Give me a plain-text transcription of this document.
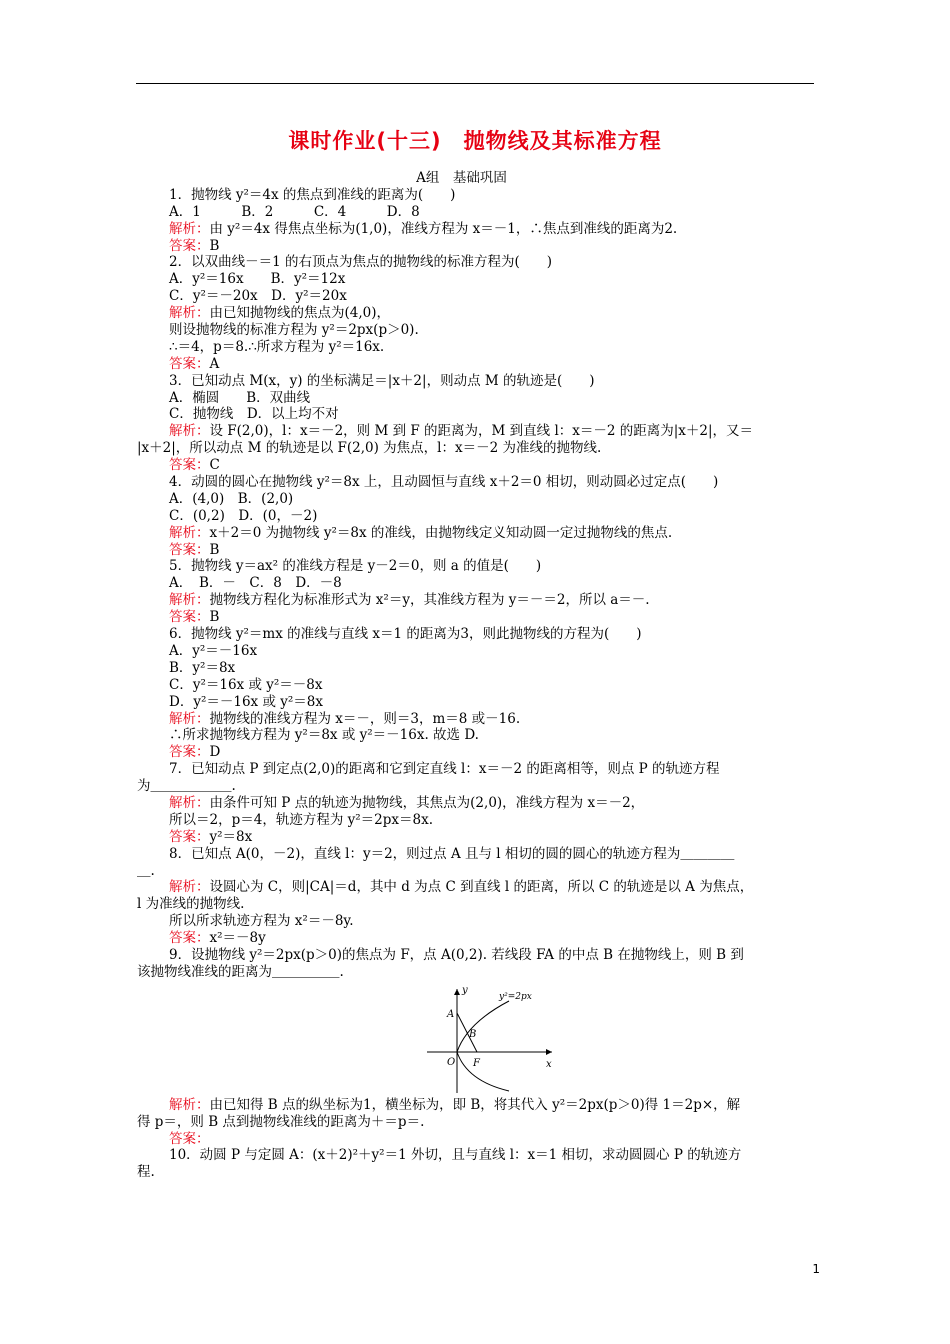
课时作业(十三)　抛物线及其标准方程
A组　基础巩固
1．抛物线 y²＝4x 的焦点到准线的距离为(　　)
A．1　　　B．2　　　C．4　　　D．8
解析：由 y²＝4x 得焦点坐标为(1,0)，准线方程为 x＝－1，∴焦点到准线的距离为2.
答案：B
2．以双曲线－＝1 的右顶点为焦点的抛物线的标准方程为(　　)
A．y²＝16x　　B．y²＝12x
C．y²＝－20x　D．y²＝20x
解析：由已知抛物线的焦点为(4,0)，
则设抛物线的标准方程为 y²＝2px(p＞0).
∴＝4，p＝8.∴所求方程为 y²＝16x.
答案：A
3．已知动点 M(x，y) 的坐标满足＝|x＋2|，则动点 M 的轨迹是(　　)
A．椭圆　　B．双曲线
C．抛物线　D．以上均不对
解析：设 F(2,0)，l：x＝－2，则 M 到 F 的距离为，M 到直线 l：x＝－2 的距离为|x＋2|，又＝
|x＋2|，所以动点 M 的轨迹是以 F(2,0) 为焦点，l：x＝－2 为准线的抛物线.
答案：C
4．动圆的圆心在抛物线 y²＝8x 上，且动圆恒与直线 x＋2＝0 相切，则动圆必过定点(　　)
A．(4,0)　B．(2,0)
C．(0,2)　D．(0，－2)
解析：x＋2＝0 为抛物线 y²＝8x 的准线，由抛物线定义知动圆一定过抛物线的焦点.
答案：B
5．抛物线 y＝ax² 的准线方程是 y－2＝0，则 a 的值是(　　)
A．　B．－　C．8　D．－8
解析：抛物线方程化为标准形式为 x²＝y，其准线方程为 y＝－＝2，所以 a＝－.
答案：B
6．抛物线 y²＝mx 的准线与直线 x＝1 的距离为3，则此抛物线的方程为(　　)
A．y²＝－16x
B．y²＝8x
C．y²＝16x 或 y²＝－8x
D．y²＝－16x 或 y²＝8x
解析：抛物线的准线方程为 x＝－，则＝3，m＝8 或－16.
∴所求抛物线方程为 y²＝8x 或 y²＝－16x. 故选 D.
答案：D
7．已知动点 P 到定点(2,0)的距离和它到定直线 l：x＝－2 的距离相等，则点 P 的轨迹方程
为＿＿＿＿＿＿.
解析：由条件可知 P 点的轨迹为抛物线，其焦点为(2,0)，准线方程为 x＝－2，
所以＝2，p＝4，轨迹方程为 y²＝2px＝8x.
答案：y²＝8x
8．已知点 A(0，－2)，直线 l：y＝2，则过点 A 且与 l 相切的圆的圆心的轨迹方程为＿＿＿＿
＿.
解析：设圆心为 C，则|CA|＝d，其中 d 为点 C 到直线 l 的距离，所以 C 的轨迹是以 A 为焦点，
l 为准线的抛物线.
所以所求轨迹方程为 x²＝－8y.
答案：x²＝－8y
9．设抛物线 y²＝2px(p＞0)的焦点为 F，点 A(0,2). 若线段 FA 的中点 B 在抛物线上，则 B 到
该抛物线准线的距离为＿＿＿＿＿.
y
x
O
A
B
F
y²=2px
解析：由已知得 B 点的纵坐标为1，横坐标为，即 B，将其代入 y²＝2px(p＞0)得 1＝2p×，解
得 p＝，则 B 点到抛物线准线的距离为＋＝p＝.
答案：
10．动圆 P 与定圆 A：(x＋2)²＋y²＝1 外切，且与直线 l：x＝1 相切，求动圆圆心 P 的轨迹方
程.
1
